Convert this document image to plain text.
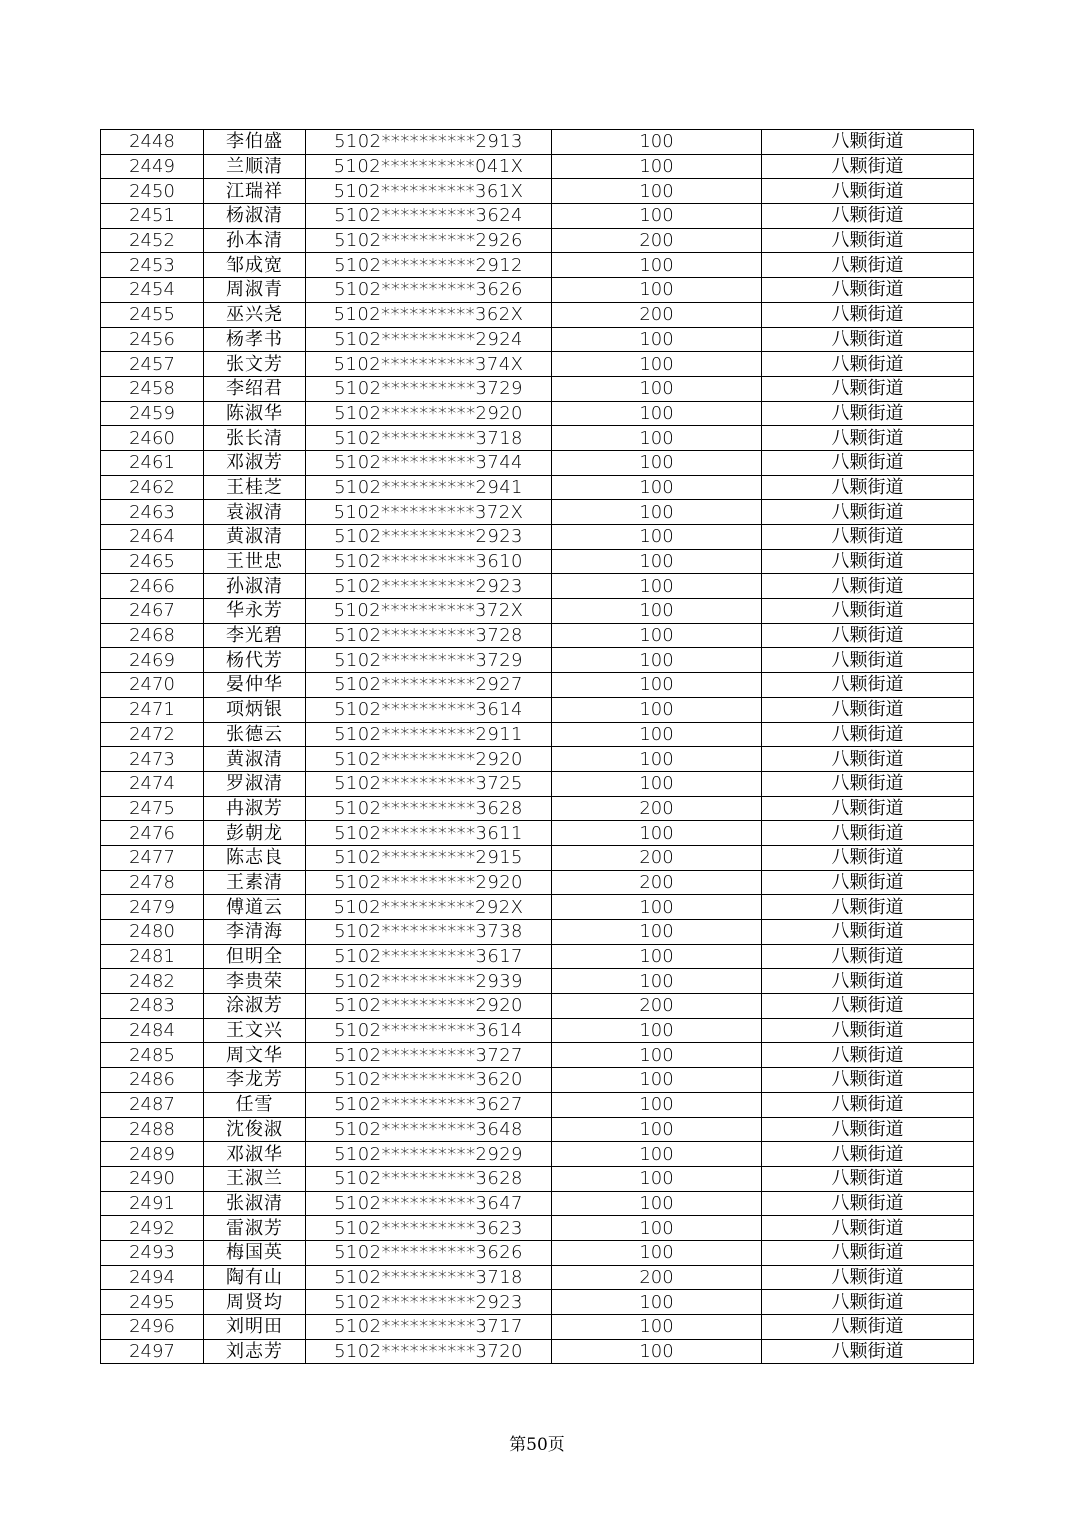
2448	李伯盛	5102**********2913	100	八颗街道
2449	兰顺清	5102**********041X	100	八颗街道
2450	江瑞祥	5102**********361X	100	八颗街道
2451	杨淑清	5102**********3624	100	八颗街道
2452	孙本清	5102**********2926	200	八颗街道
2453	邹成宽	5102**********2912	100	八颗街道
2454	周淑青	5102**********3626	100	八颗街道
2455	巫兴尧	5102**********362X	200	八颗街道
2456	杨孝书	5102**********2924	100	八颗街道
2457	张文芳	5102**********374X	100	八颗街道
2458	李绍君	5102**********3729	100	八颗街道
2459	陈淑华	5102**********2920	100	八颗街道
2460	张长清	5102**********3718	100	八颗街道
2461	邓淑芳	5102**********3744	100	八颗街道
2462	王桂芝	5102**********2941	100	八颗街道
2463	袁淑清	5102**********372X	100	八颗街道
2464	黄淑清	5102**********2923	100	八颗街道
2465	王世忠	5102**********3610	100	八颗街道
2466	孙淑清	5102**********2923	100	八颗街道
2467	华永芳	5102**********372X	100	八颗街道
2468	李光碧	5102**********3728	100	八颗街道
2469	杨代芳	5102**********3729	100	八颗街道
2470	晏仲华	5102**********2927	100	八颗街道
2471	项炳银	5102**********3614	100	八颗街道
2472	张德云	5102**********2911	100	八颗街道
2473	黄淑清	5102**********2920	100	八颗街道
2474	罗淑清	5102**********3725	100	八颗街道
2475	冉淑芳	5102**********3628	200	八颗街道
2476	彭朝龙	5102**********3611	100	八颗街道
2477	陈志良	5102**********2915	200	八颗街道
2478	王素清	5102**********2920	200	八颗街道
2479	傅道云	5102**********292X	100	八颗街道
2480	李清海	5102**********3738	100	八颗街道
2481	但明全	5102**********3617	100	八颗街道
2482	李贵荣	5102**********2939	100	八颗街道
2483	涂淑芳	5102**********2920	200	八颗街道
2484	王文兴	5102**********3614	100	八颗街道
2485	周文华	5102**********3727	100	八颗街道
2486	李龙芳	5102**********3620	100	八颗街道
2487	任雪	5102**********3627	100	八颗街道
2488	沈俊淑	5102**********3648	100	八颗街道
2489	邓淑华	5102**********2929	100	八颗街道
2490	王淑兰	5102**********3628	100	八颗街道
2491	张淑清	5102**********3647	100	八颗街道
2492	雷淑芳	5102**********3623	100	八颗街道
2493	梅国英	5102**********3626	100	八颗街道
2494	陶有山	5102**********3718	200	八颗街道
2495	周贤均	5102**********2923	100	八颗街道
2496	刘明田	5102**********3717	100	八颗街道
2497	刘志芳	5102**********3720	100	八颗街道
第50页
